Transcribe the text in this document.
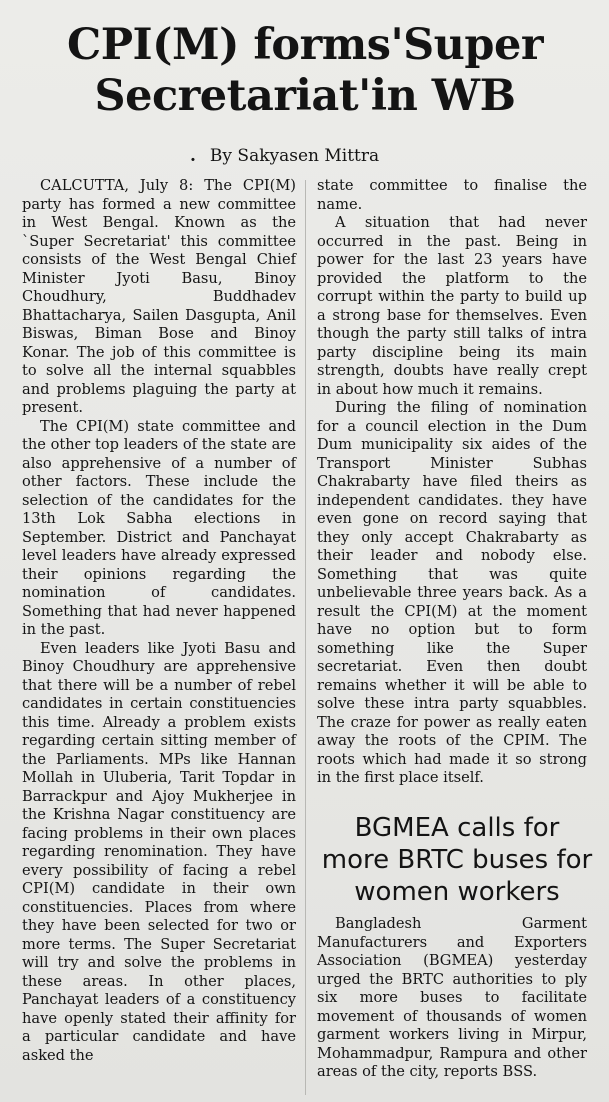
CPI(M) forms'Super Secretariat'in WB

. By Sakyasen Mittra

CALCUTTA, July 8: The CPI(M) party has formed a new committee in West Bengal. Known as the `Super Secretariat' this committee consists of the West Bengal Chief Minister Jyoti Basu, Binoy Choudhury, Buddhadev Bhattacharya, Sailen Dasgupta, Anil Biswas, Biman Bose and Binoy Konar. The job of this committee is to solve all the internal squabbles and problems plaguing the party at present.

The CPI(M) state committee and the other top leaders of the state are also apprehensive of a number of other factors. These include the selection of the candidates for the 13th Lok Sabha elections in September. District and Panchayat level leaders have already expressed their opinions regarding the nomination of candidates. Something that had never happened in the past.

Even leaders like Jyoti Basu and Binoy Choudhury are apprehensive that there will be a number of rebel candidates in certain constituencies this time. Already a problem exists regarding certain sitting member of the Parliaments. MPs like Hannan Mollah in Uluberia, Tarit Topdar in Barrackpur and Ajoy Mukherjee in the Krishna Nagar constituency are facing problems in their own places regarding renomination. They have every possibility of facing a rebel CPI(M) candidate in their own constituencies. Places from where they have been selected for two or more terms. The Super Secretariat will try and solve the problems in these areas. In other places, Panchayat leaders of a constituency have openly stated their affinity for a particular candidate and have asked the

state committee to finalise the name.

A situation that had never occurred in the past. Being in power for the last 23 years have provided the platform to the corrupt within the party to build up a strong base for themselves. Even though the party still talks of intra party discipline being its main strength, doubts have really crept in about how much it remains.

During the filing of nomination for a council election in the Dum Dum municipality six aides of the Transport Minister Subhas Chakrabarty have filed theirs as independent candidates. they have even gone on record saying that they only accept Chakrabarty as their leader and nobody else. Something that was quite unbelievable three years back. As a result the CPI(M) at the moment have no option but to form something like the Super secretariat. Even then doubt remains whether it will be able to solve these intra party squabbles. The craze for power as really eaten away the roots of the CPIM. The roots which had made it so strong in the first place itself.

BGMEA calls for more BRTC buses for women workers

Bangladesh Garment Manufacturers and Exporters Association (BGMEA) yesterday urged the BRTC authorities to ply six more buses to facilitate movement of thousands of women garment workers living in Mirpur, Mohammadpur, Rampura and other areas of the city, reports BSS.
